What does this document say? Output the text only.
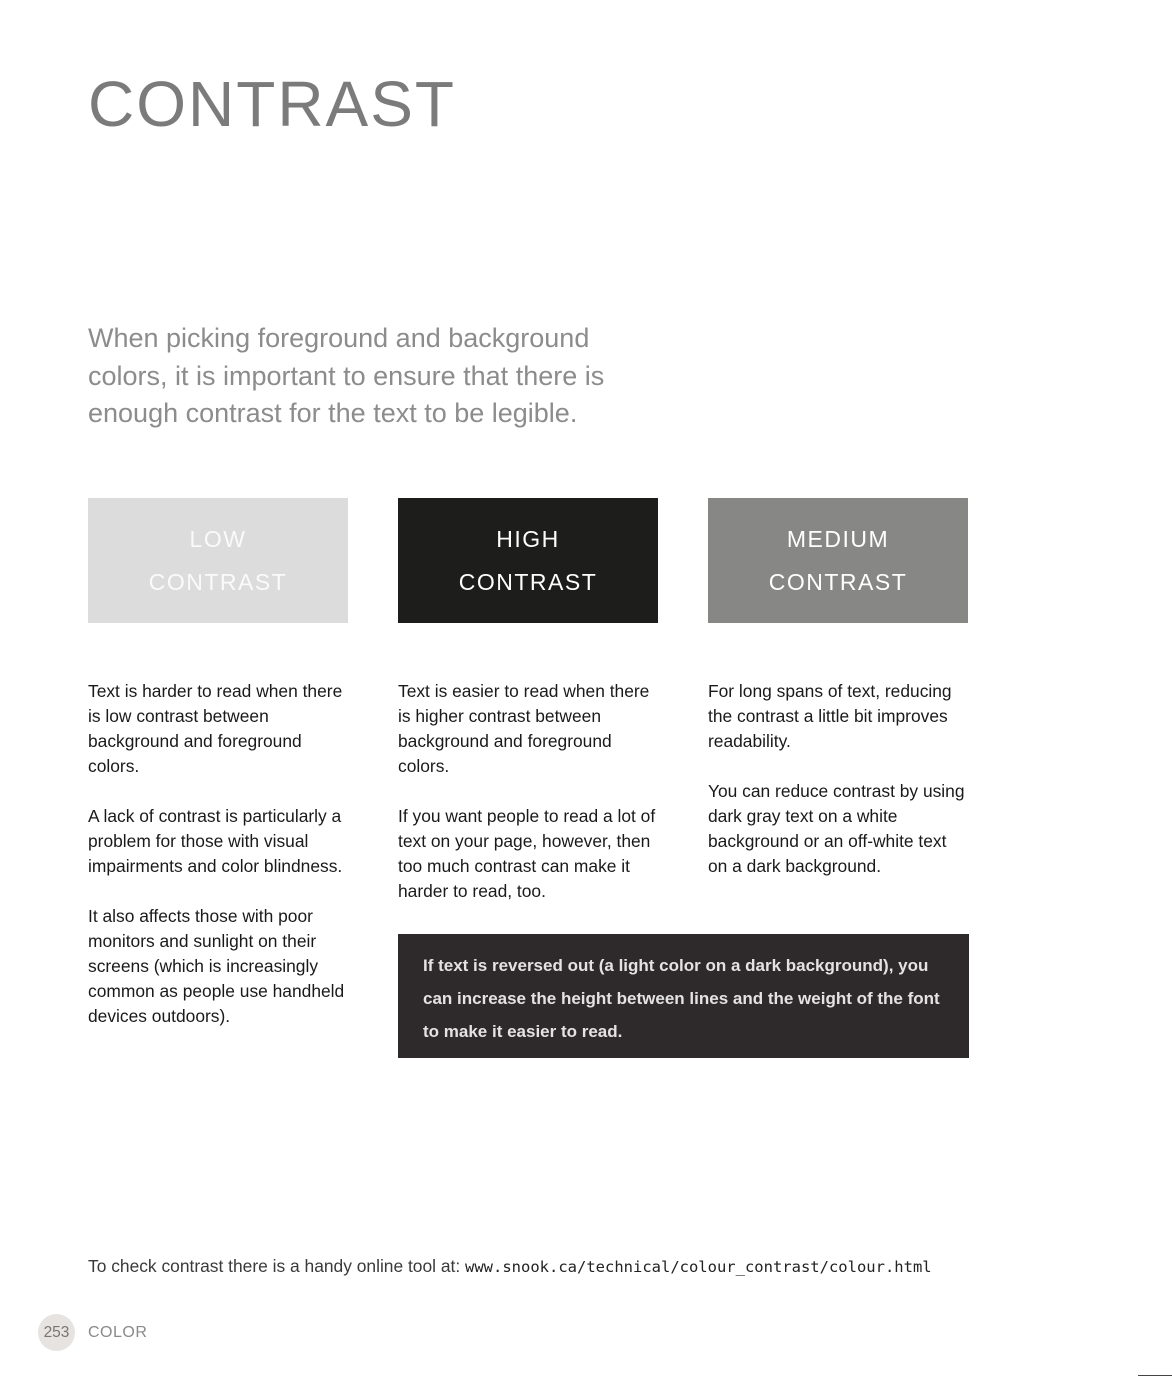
CONTRAST

When picking foreground and background colors, it is important to ensure that there is enough contrast for the text to be legible.

LOW
CONTRAST
HIGH
CONTRAST
MEDIUM
CONTRAST

Text is harder to read when there is low contrast between background and foreground colors.

A lack of contrast is particularly a problem for those with visual impairments and color blindness.

It also affects those with poor monitors and sunlight on their screens (which is increasingly common as people use handheld devices outdoors).

Text is easier to read when there is higher contrast between background and foreground colors.

If you want people to read a lot of text on your page, however, then too much contrast can make it harder to read, too.

For long spans of text, reducing the contrast a little bit improves readability.

You can reduce contrast by using dark gray text on a white background or an off-white text on a dark background.

If text is reversed out (a light color on a dark background), you can increase the height between lines and the weight of the font to make it easier to read.

To check contrast there is a handy online tool at: www.snook.ca/technical/colour_contrast/colour.html
253	COLOR
